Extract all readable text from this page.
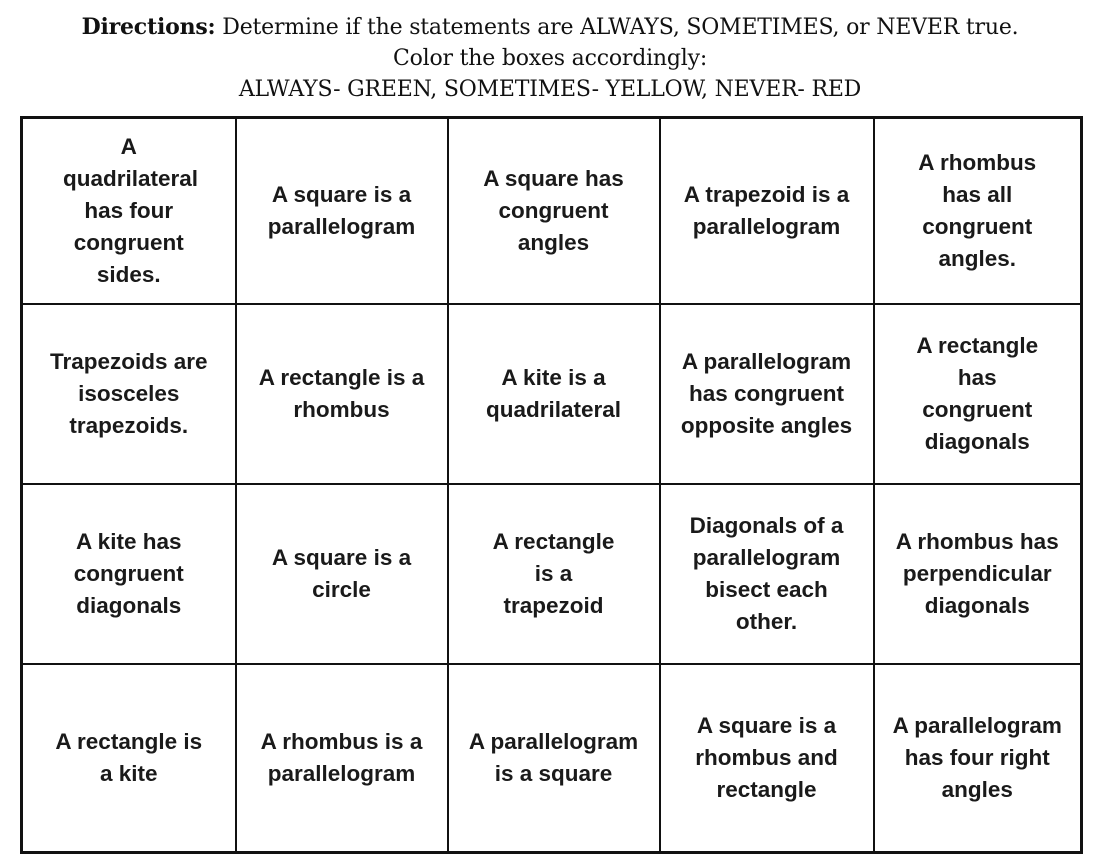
Directions: Determine if the statements are ALWAYS, SOMETIMES, or NEVER true.
Color the boxes accordingly:
ALWAYS- GREEN, SOMETIMES- YELLOW, NEVER- RED
A quadrilateral has four congruent sides.	A square is a parallelogram	A square has congruent angles	A trapezoid is a parallelogram	A rhombus has all congruent angles.
Trapezoids are isosceles trapezoids.	A rectangle is a rhombus	A kite is a quadrilateral	A parallelogram has congruent opposite angles	A rectangle has congruent diagonals
A kite has congruent diagonals	A square is a circle	A rectangle is a trapezoid	Diagonals of a parallelogram bisect each other.	A rhombus has perpendicular diagonals
A rectangle is a kite	A rhombus is a parallelogram	A parallelogram is a square	A square is a rhombus and rectangle	A parallelogram has four right angles
